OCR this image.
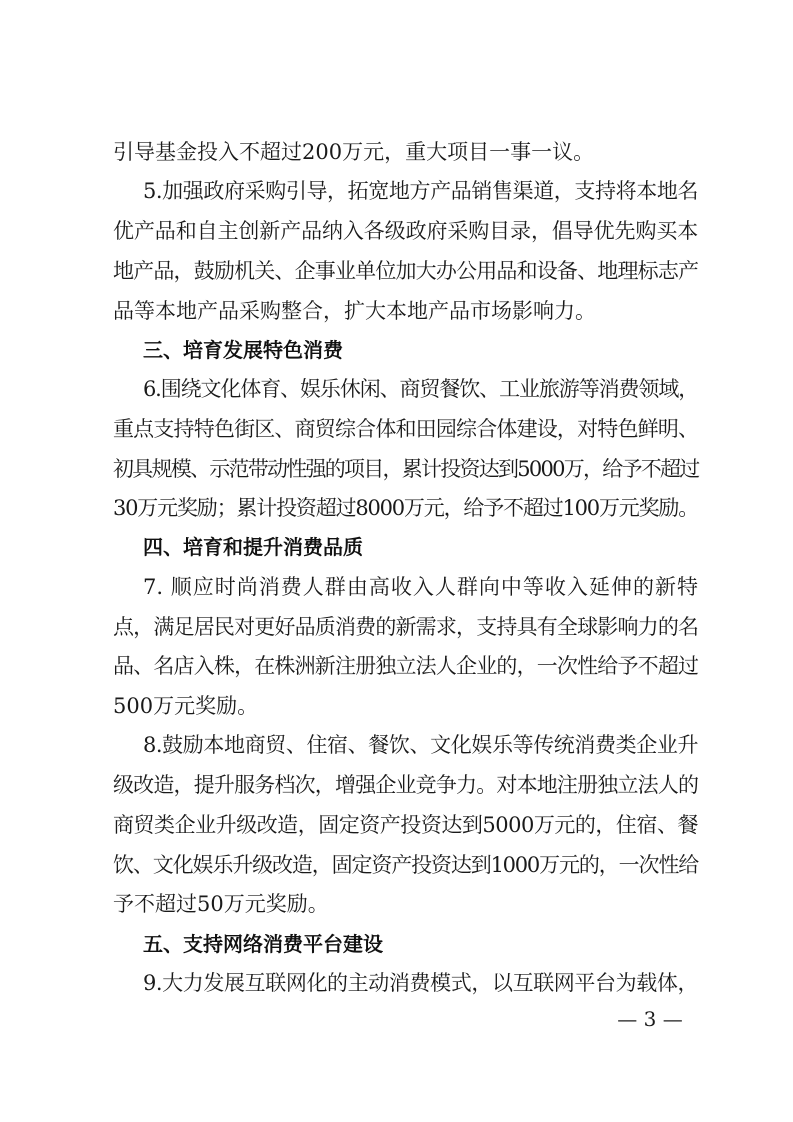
引导基金投入不超过200万元，重大项目一事一议。
5.加强政府采购引导，拓宽地方产品销售渠道，支持将本地名
优产品和自主创新产品纳入各级政府采购目录，倡导优先购买本
地产品，鼓励机关、企事业单位加大办公用品和设备、地理标志产
品等本地产品采购整合，扩大本地产品市场影响力。
三、培育发展特色消费
6.围绕文化体育、娱乐休闲、商贸餐饮、工业旅游等消费领域，
重点支持特色街区、商贸综合体和田园综合体建设，对特色鲜明、
初具规模、示范带动性强的项目，累计投资达到5000万，给予不超过
30万元奖励；累计投资超过8000万元，给予不超过100万元奖励。
四、培育和提升消费品质
7. 顺应时尚消费人群由高收入人群向中等收入延伸的新特
点，满足居民对更好品质消费的新需求，支持具有全球影响力的名
品、名店入株，在株洲新注册独立法人企业的，一次性给予不超过
500万元奖励。
8.鼓励本地商贸、住宿、餐饮、文化娱乐等传统消费类企业升
级改造，提升服务档次，增强企业竞争力。对本地注册独立法人的
商贸类企业升级改造，固定资产投资达到5000万元的，住宿、餐
饮、文化娱乐升级改造，固定资产投资达到1000万元的，一次性给
予不超过50万元奖励。
五、支持网络消费平台建设
9.大力发展互联网化的主动消费模式，以互联网平台为载体，
— 3 —
